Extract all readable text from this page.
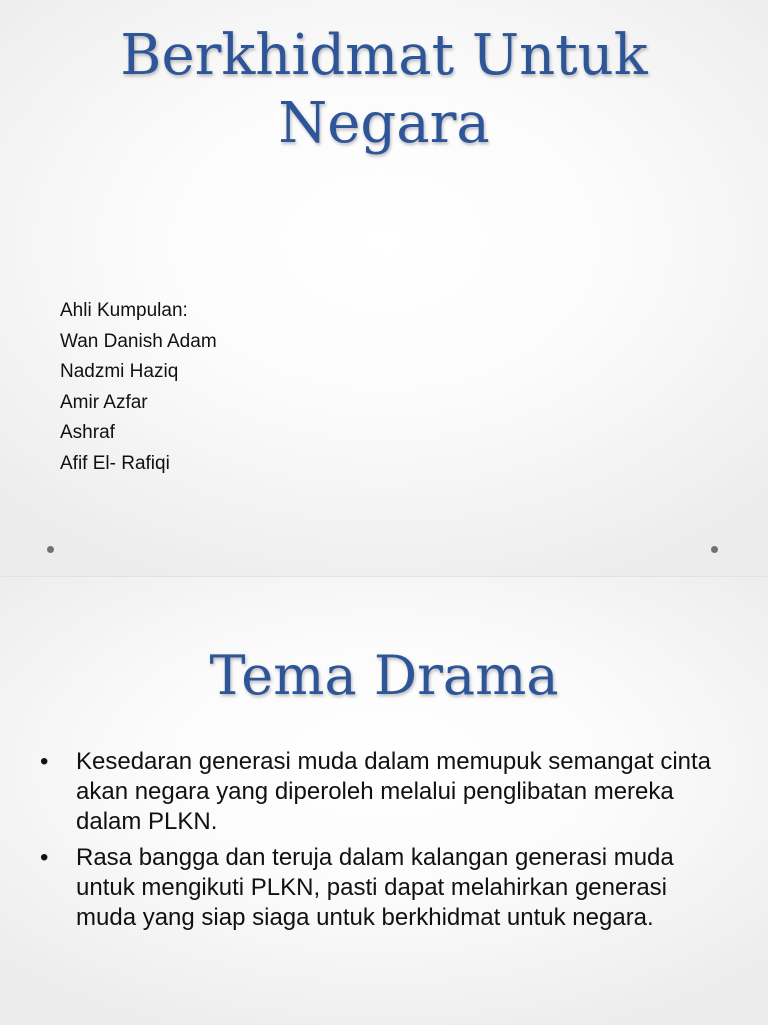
Berkhidmat Untuk
Negara
Ahli Kumpulan:
Wan Danish Adam
Nadzmi Haziq
Amir Azfar
Ashraf
Afif El- Rafiqi
Tema Drama
• Kesedaran generasi muda dalam memupuk semangat cinta akan negara yang diperoleh melalui penglibatan mereka dalam PLKN.
• Rasa bangga dan teruja dalam kalangan generasi muda untuk mengikuti PLKN, pasti dapat melahirkan generasi muda yang siap siaga untuk berkhidmat untuk negara.
